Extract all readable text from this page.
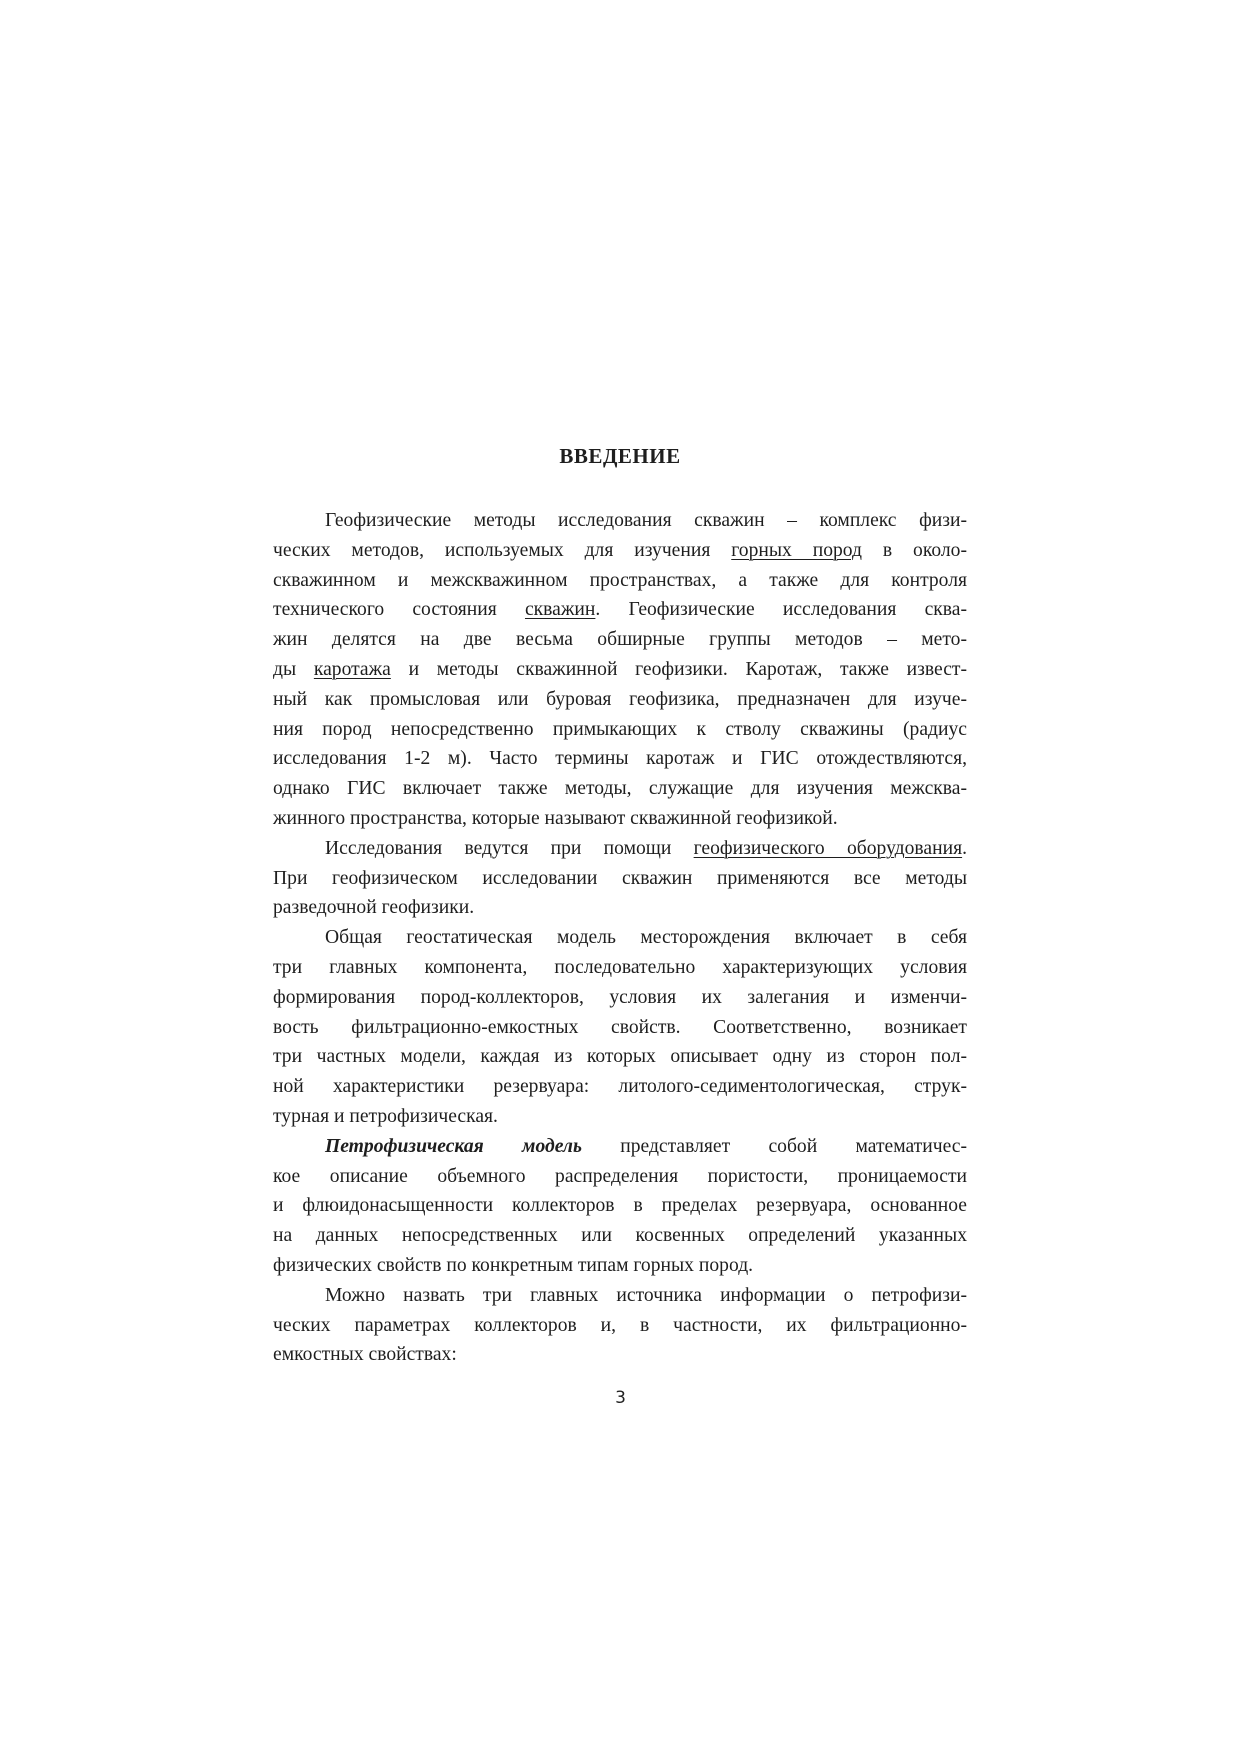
ВВЕДЕНИЕ
Геофизические методы исследования скважин – комплекс физи-
ческих методов, используемых для изучения горных пород в около-
скважинном и межскважинном пространствах, а также для контроля
технического состояния скважин. Геофизические исследования сква-
жин делятся на две весьма обширные группы методов – мето-
ды каротажа и методы скважинной геофизики. Каротаж, также извест-
ный как промысловая или буровая геофизика, предназначен для изуче-
ния пород непосредственно примыкающих к стволу скважины (радиус
исследования 1-2 м). Часто термины каротаж и ГИС отождествляются,
однако ГИС включает также методы, служащие для изучения межсква-
жинного пространства, которые называют скважинной геофизикой.
Исследования ведутся при помощи геофизического оборудования.
При геофизическом исследовании скважин применяются все методы
разведочной геофизики.
Общая геостатическая модель месторождения включает в себя
три главных компонента, последовательно характеризующих условия
формирования пород-коллекторов, условия их залегания и изменчи-
вость фильтрационно-емкостных свойств. Соответственно, возникает
три частных модели, каждая из которых описывает одну из сторон пол-
ной характеристики резервуара: литолого-седиментологическая, струк-
турная и петрофизическая.
Петрофизическая модель представляет собой математичес-
кое описание объемного распределения пористости, проницаемости
и флюидонасыщенности коллекторов в пределах резервуара, основанное
на данных непосредственных или косвенных определений указанных
физических свойств по конкретным типам горных пород.
Можно назвать три главных источника информации о петрофизи-
ческих параметрах коллекторов и, в частности, их фильтрационно-
емкостных свойствах:
3
